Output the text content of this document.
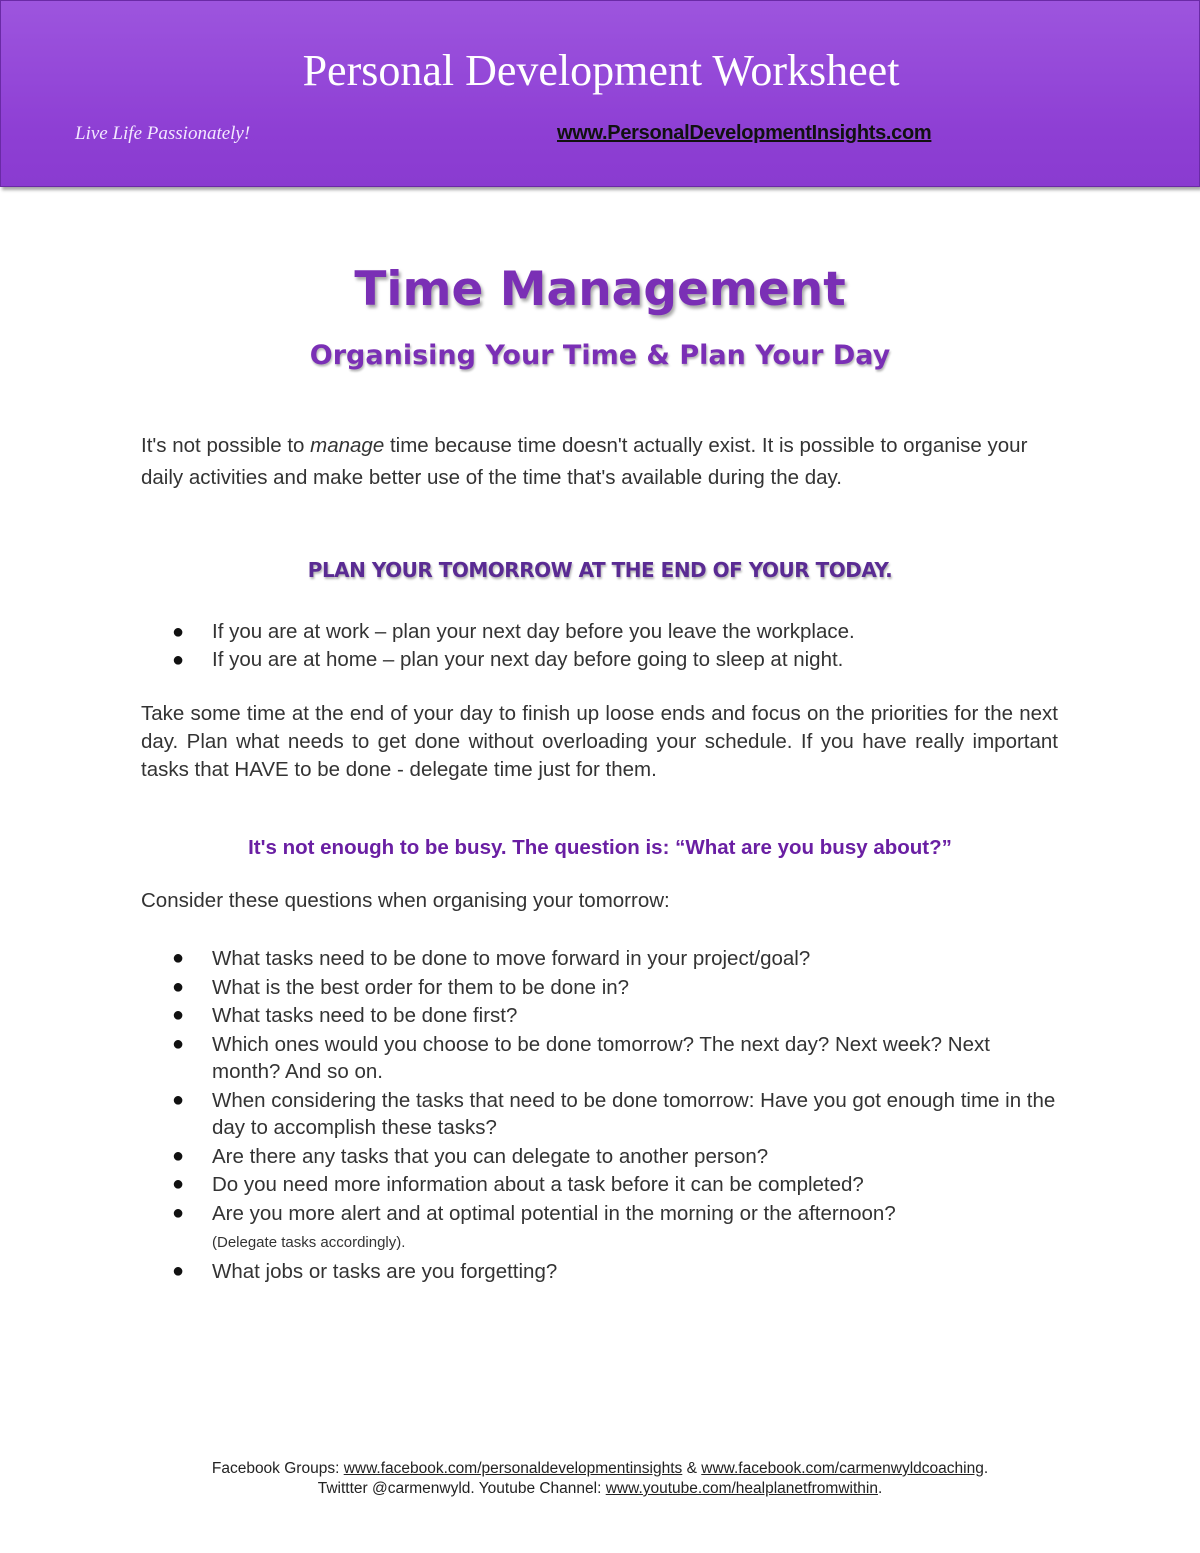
Personal Development Worksheet
Live Life Passionately!	www.PersonalDevelopmentInsights.com
Time Management
Organising Your Time & Plan Your Day
It's not possible to manage time because time doesn't actually exist. It is possible to organise your daily activities and make better use of the time that's available during the day.
PLAN YOUR TOMORROW AT THE END OF YOUR TODAY.
● If you are at work – plan your next day before you leave the workplace.
● If you are at home – plan your next day before going to sleep at night.
Take some time at the end of your day to finish up loose ends and focus on the priorities for the next day. Plan what needs to get done without overloading your schedule. If you have really important tasks that HAVE to be done - delegate time just for them.
It's not enough to be busy. The question is: “What are you busy about?”
Consider these questions when organising your tomorrow:
● What tasks need to be done to move forward in your project/goal?
● What is the best order for them to be done in?
● What tasks need to be done first?
● Which ones would you choose to be done tomorrow? The next day? Next week? Next month? And so on.
● When considering the tasks that need to be done tomorrow: Have you got enough time in the day to accomplish these tasks?
● Are there any tasks that you can delegate to another person?
● Do you need more information about a task before it can be completed?
● Are you more alert and at optimal potential in the morning or the afternoon?
(Delegate tasks accordingly).
● What jobs or tasks are you forgetting?
Facebook Groups: www.facebook.com/personaldevelopmentinsights & www.facebook.com/carmenwyldcoaching.
Twittter @carmenwyld. Youtube Channel: www.youtube.com/healplanetfromwithin.
